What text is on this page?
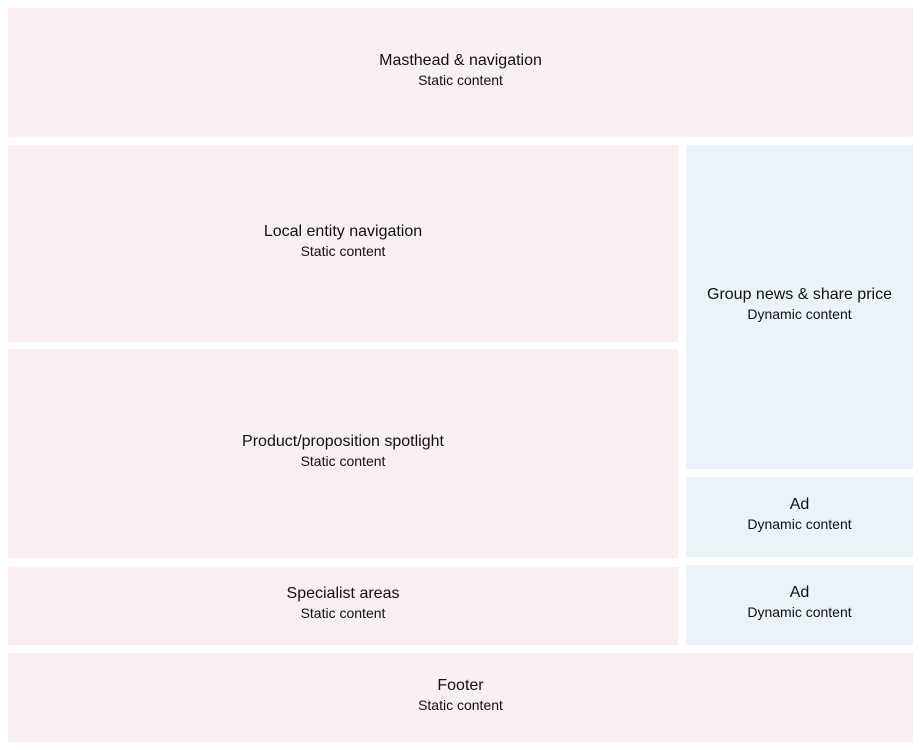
Masthead & navigation
Static content
Local entity navigation
Static content
Product/proposition spotlight
Static content
Specialist areas
Static content
Group news & share price
Dynamic content
Ad
Dynamic content
Ad
Dynamic content
Footer
Static content
